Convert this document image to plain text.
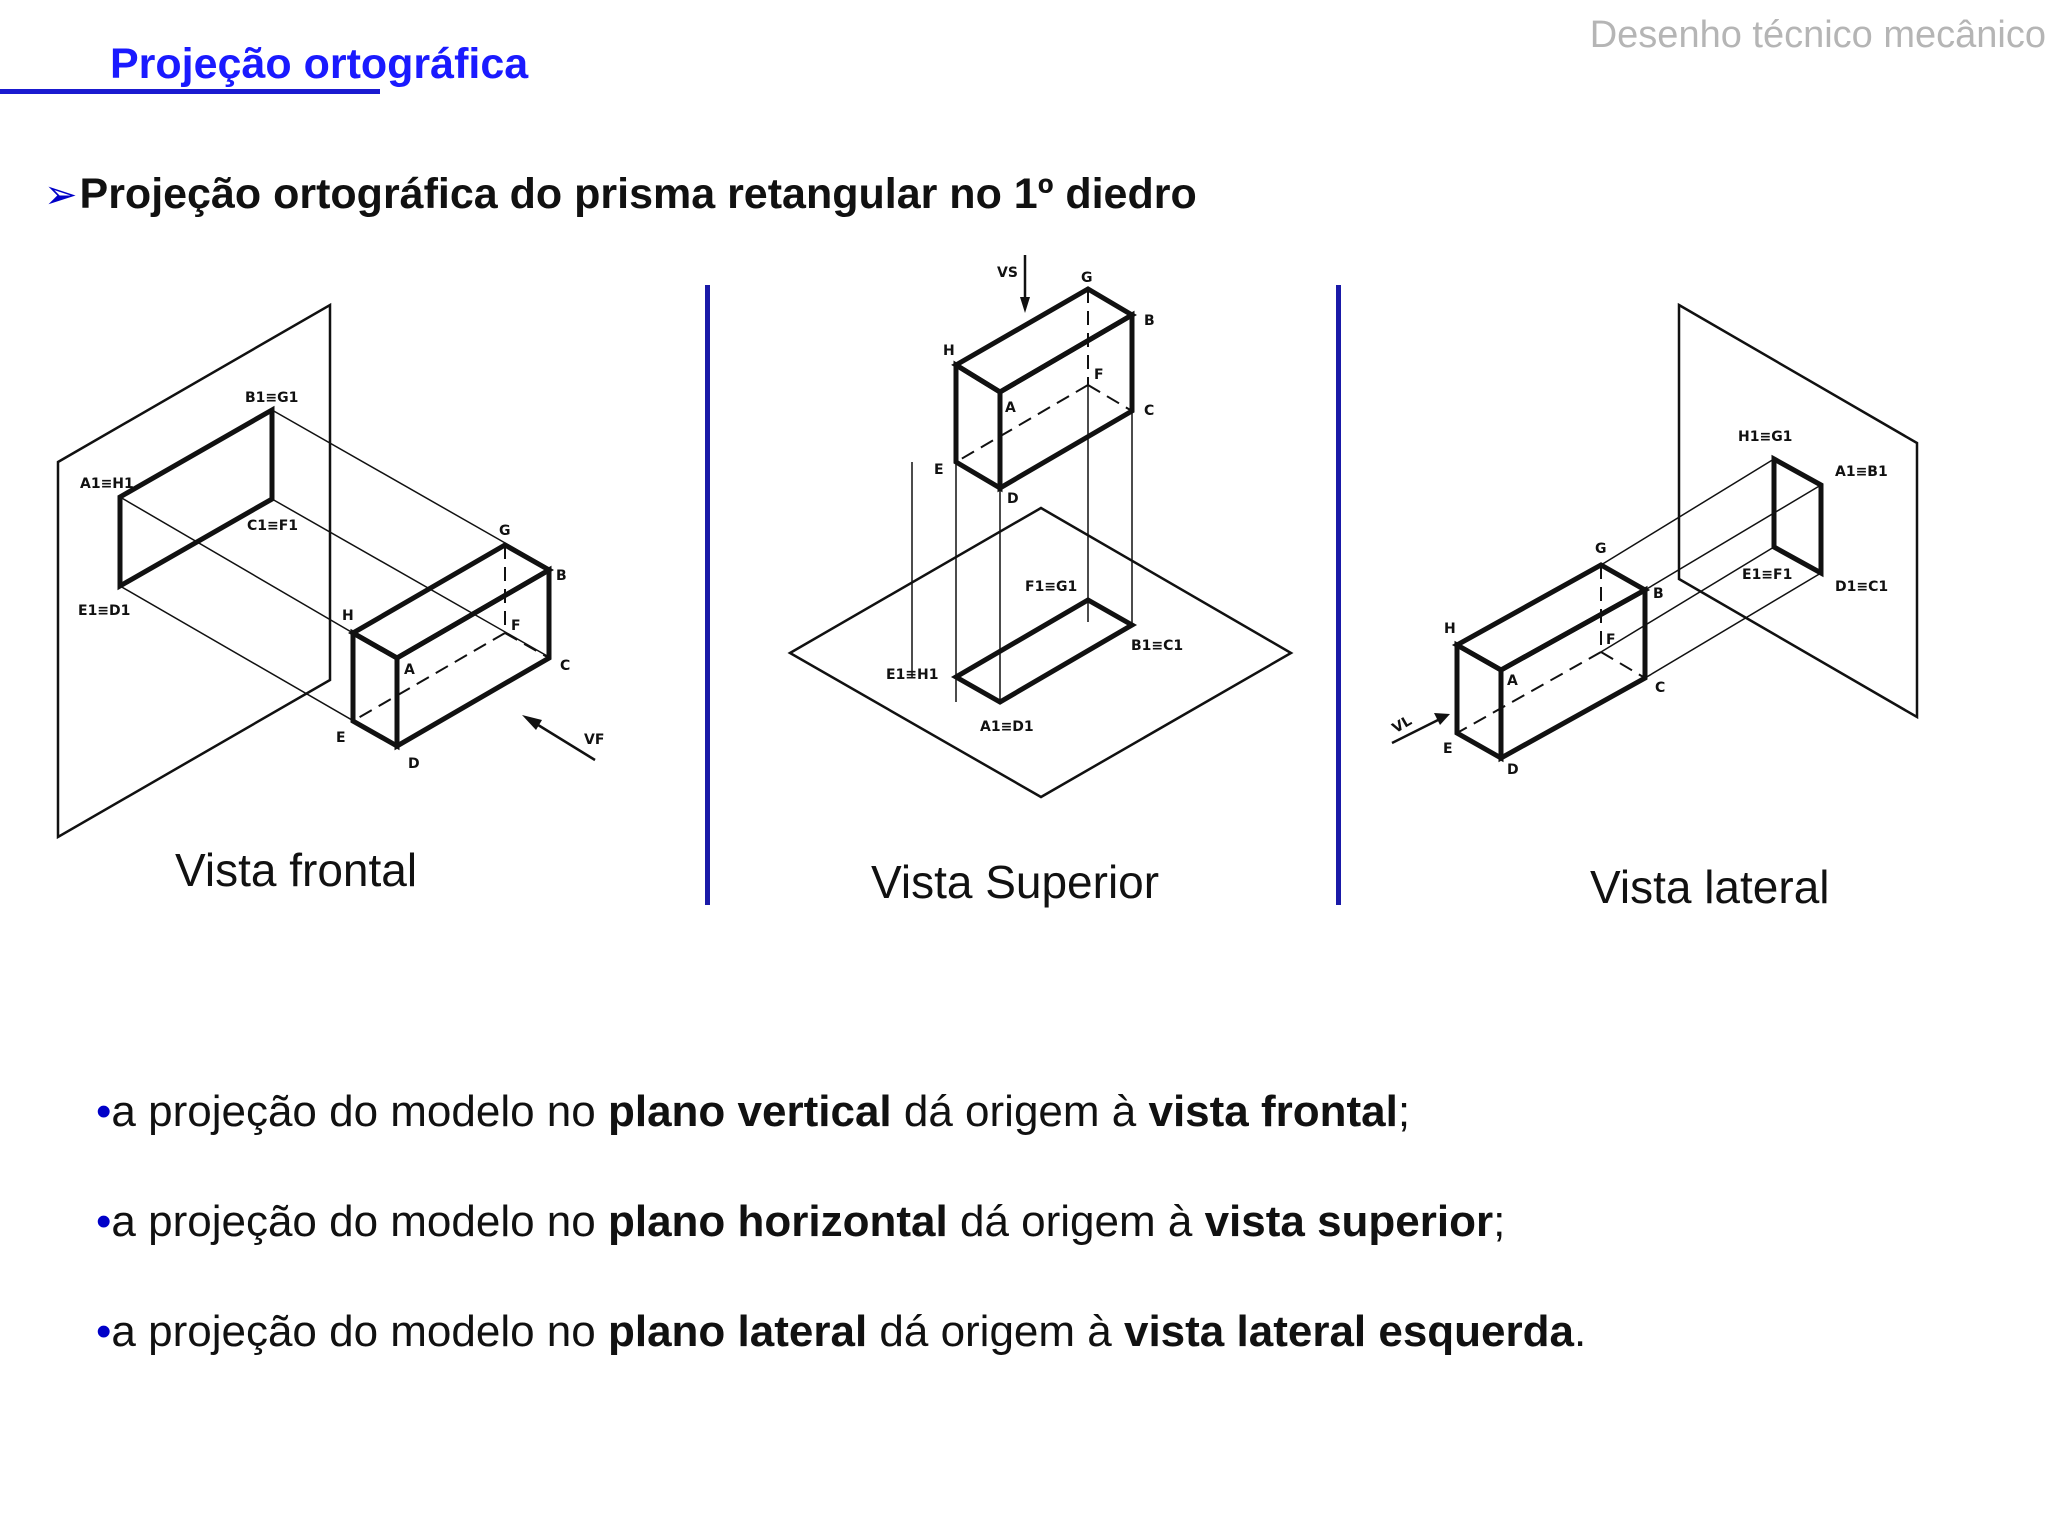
Desenho técnico mecânico
Projeção ortográfica
➢Projeção ortográfica do prisma retangular no 1º diedro
B1≡G1
A1≡H1
C1≡F1
E1≡D1
G
B
H
F
A	C
E
D
VF
Vista frontal
VS	G
B
H
F
A	C
E
D
F1≡G1
B1≡C1
E1≡H1
A1≡D1
Vista Superior
H1≡G1
A1≡B1
E1≡F1
D1≡C1
G
B
H
F
A	C
E
D
VL
Vista lateral
•a projeção do modelo no plano vertical dá origem à vista frontal;
•a projeção do modelo no plano horizontal dá origem à vista superior;
•a projeção do modelo no plano lateral dá origem à vista lateral esquerda.
